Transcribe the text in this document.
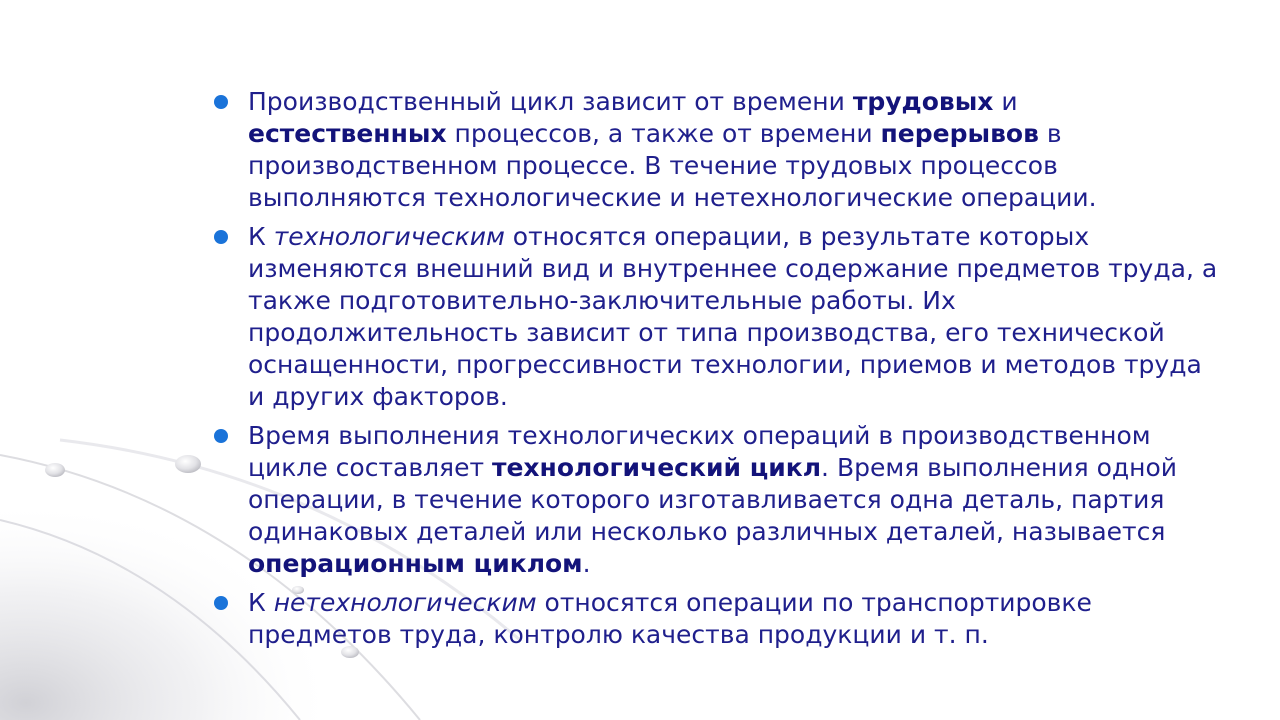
Производственный цикл зависит от времени трудовых и естественных процессов, а также от времени перерывов в производственном процессе. В течение трудовых процессов выполняются технологические и нетехнологические операции.
К технологическим относятся операции, в результате которых изменяются внешний вид и внутреннее содержание предметов труда, а также подготовительно-заключительные работы. Их продолжительность зависит от типа производства, его технической оснащенности, прогрессивности технологии, приемов и методов труда и других факторов.
Время выполнения технологических операций в производственном цикле составляет технологический цикл. Время выполнения одной операции, в течение которого изготавливается одна деталь, партия одинаковых деталей или несколько различных деталей, называется операционным циклом.
К нетехнологическим относятся операции по транспортировке предметов труда, контролю качества продукции и т. п.
